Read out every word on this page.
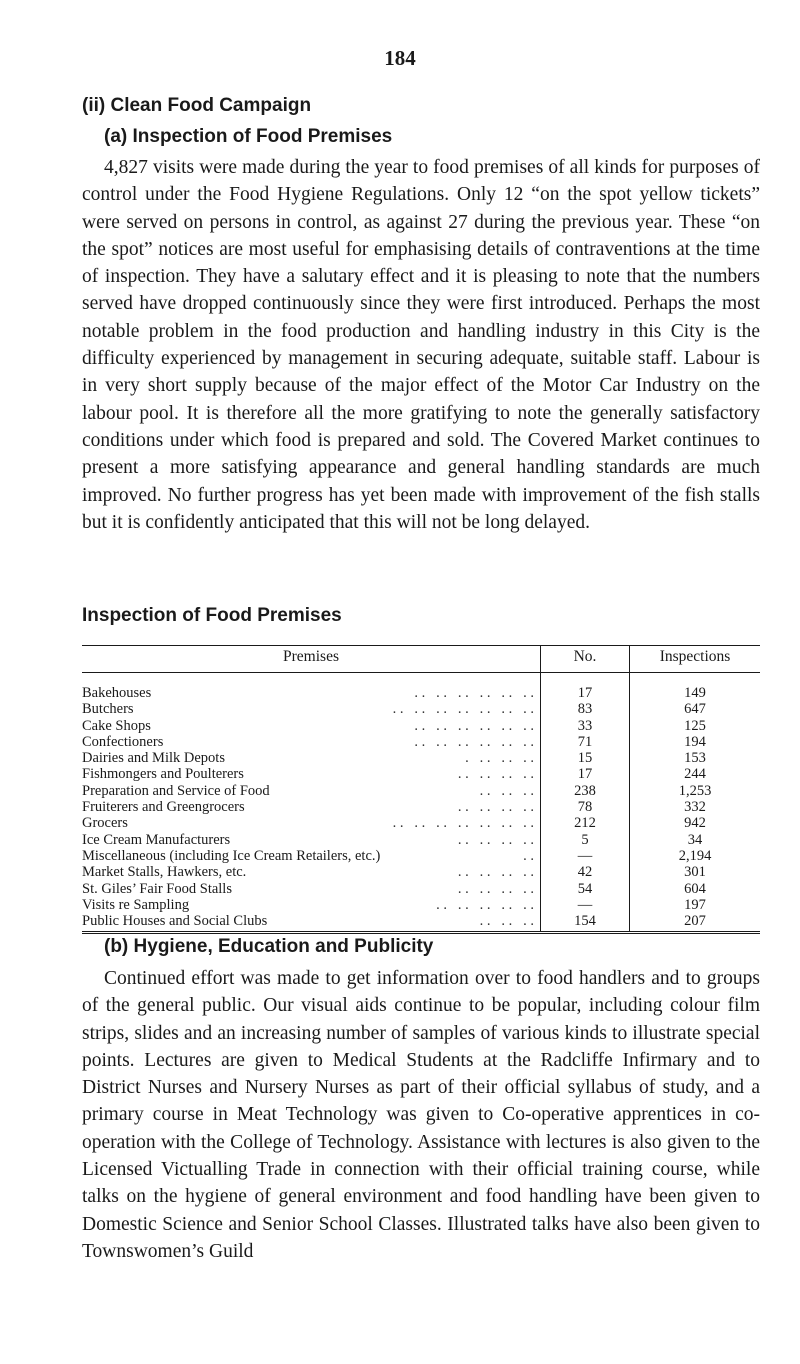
184
(ii) Clean Food Campaign
(a) Inspection of Food Premises

4,827 visits were made during the year to food premises of all kinds for purposes of control under the Food Hygiene Regulations. Only 12 “on the spot yellow tickets” were served on persons in control, as against 27 during the previous year. These “on the spot” notices are most useful for emphasising details of contraventions at the time of inspection. They have a salutary effect and it is pleasing to note that the numbers served have dropped continuously since they were first introduced. Perhaps the most notable problem in the food production and handling industry in this City is the difficulty experienced by management in securing adequate, suitable staff. Labour is in very short supply because of the major effect of the Motor Car Industry on the labour pool. It is therefore all the more gratifying to note the generally satisfactory conditions under which food is prepared and sold. The Covered Market continues to present a more satisfying appearance and general handling standards are much improved. No further progress has yet been made with improvement of the fish stalls but it is confidently anticipated that this will not be long delayed.

Inspection of Food Premises
Premises	No.	Inspections
Bakehouses . .   . .   . .   . .   . .   . .	17	149
Butchers . .   . .   . .   . .   . .   . .   . .	83	647
Cake Shops . .   . .   . .   . .   . .   . .	33	125
Confectioners . .   . .   . .   . .   . .   . .	71	194
Dairies and Milk Depots .   . .   . .   . .	15	153
Fishmongers and Poulterers . .   . .   . .   . .	17	244
Preparation and Service of Food . .   . .   . .	238	1,253
Fruiterers and Greengrocers . .   . .   . .   . .	78	332
Grocers . .   . .   . .   . .   . .   . .   . .	212	942
Ice Cream Manufacturers . .   . .   . .   . .	5	34
Miscellaneous (including Ice Cream Retailers, etc.) . .	—	2,194
Market Stalls, Hawkers, etc. . .   . .   . .   . .	42	301
St. Giles’ Fair Food Stalls . .   . .   . .   . .	54	604
Visits re Sampling . .   . .   . .   . .   . .	—	197
Public Houses and Social Clubs . .   . .   . .	154	207
(b) Hygiene, Education and Publicity

Continued effort was made to get information over to food handlers and to groups of the general public. Our visual aids continue to be popular, including colour film strips, slides and an increasing number of samples of various kinds to illustrate special points. Lectures are given to Medical Students at the Radcliffe Infirmary and to District Nurses and Nursery Nurses as part of their official syllabus of study, and a primary course in Meat Technology was given to Co-operative apprentices in co-operation with the College of Technology. Assistance with lectures is also given to the Licensed Victualling Trade in connection with their official training course, while talks on the hygiene of general environment and food handling have been given to Domestic Science and Senior School Classes. Illustrated talks have also been given to Townswomen’s Guild
